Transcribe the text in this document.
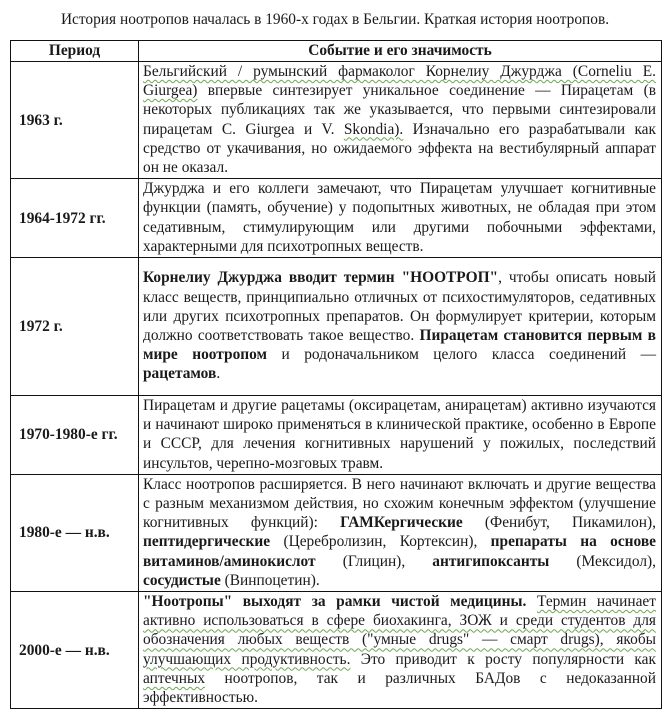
История ноотропов началась в 1960-х годах в Бельгии. Краткая история ноотропов.
Период	Событие и его значимость
1963 г.	Бельгийский / румынский фармаколог Корнелиу Джурджа (Corneliu E. Giurgea) впервые синтезирует уникальное соединение — Пирацетам (в некоторых публикациях так же указывается, что первыми синтезировали пирацетам C. Giurgea и V. Skondia). Изначально его разрабатывали как средство от укачивания, но ожидаемого эффекта на вестибулярный аппарат он не оказал.
1964-1972 гг.	Джурджа и его коллеги замечают, что Пирацетам улучшает когнитивные функции (память, обучение) у подопытных животных, не обладая при этом седативным, стимулирующим или другими побочными эффектами, характерными для психотропных веществ.
1972 г.	Корнелиу Джурджа вводит термин "НООТРОП", чтобы описать новый класс веществ, принципиально отличных от психостимуляторов, седативных или других психотропных препаратов. Он формулирует критерии, которым должно соответствовать такое вещество. Пирацетам становится первым в мире ноотропом и родоначальником целого класса соединений — рацетамов.
1970-1980-е гг.	Пирацетам и другие рацетамы (оксирацетам, анирацетам) активно изучаются и начинают широко применяться в клинической практике, особенно в Европе и СССР, для лечения когнитивных нарушений у пожилых, последствий инсультов, черепно-мозговых травм.
1980-е — н.в.	Класс ноотропов расширяется. В него начинают включать и другие вещества с разным механизмом действия, но схожим конечным эффектом (улучшение когнитивных функций): ГАМКергические (Фенибут, Пикамилон), пептидергические (Церебролизин, Кортексин), препараты на основе витаминов/аминокислот (Глицин), антигипоксанты (Мексидол), сосудистые (Винпоцетин).
2000-е — н.в.	"Ноотропы" выходят за рамки чистой медицины. Термин начинает активно использоваться в сфере биохакинга, ЗОЖ и среди студентов для обозначения любых веществ ("умные drugs" — смарт drugs), якобы улучшающих продуктивность. Это приводит к росту популярности как аптечных ноотропов, так и различных БАДов с недоказанной эффективностью.
